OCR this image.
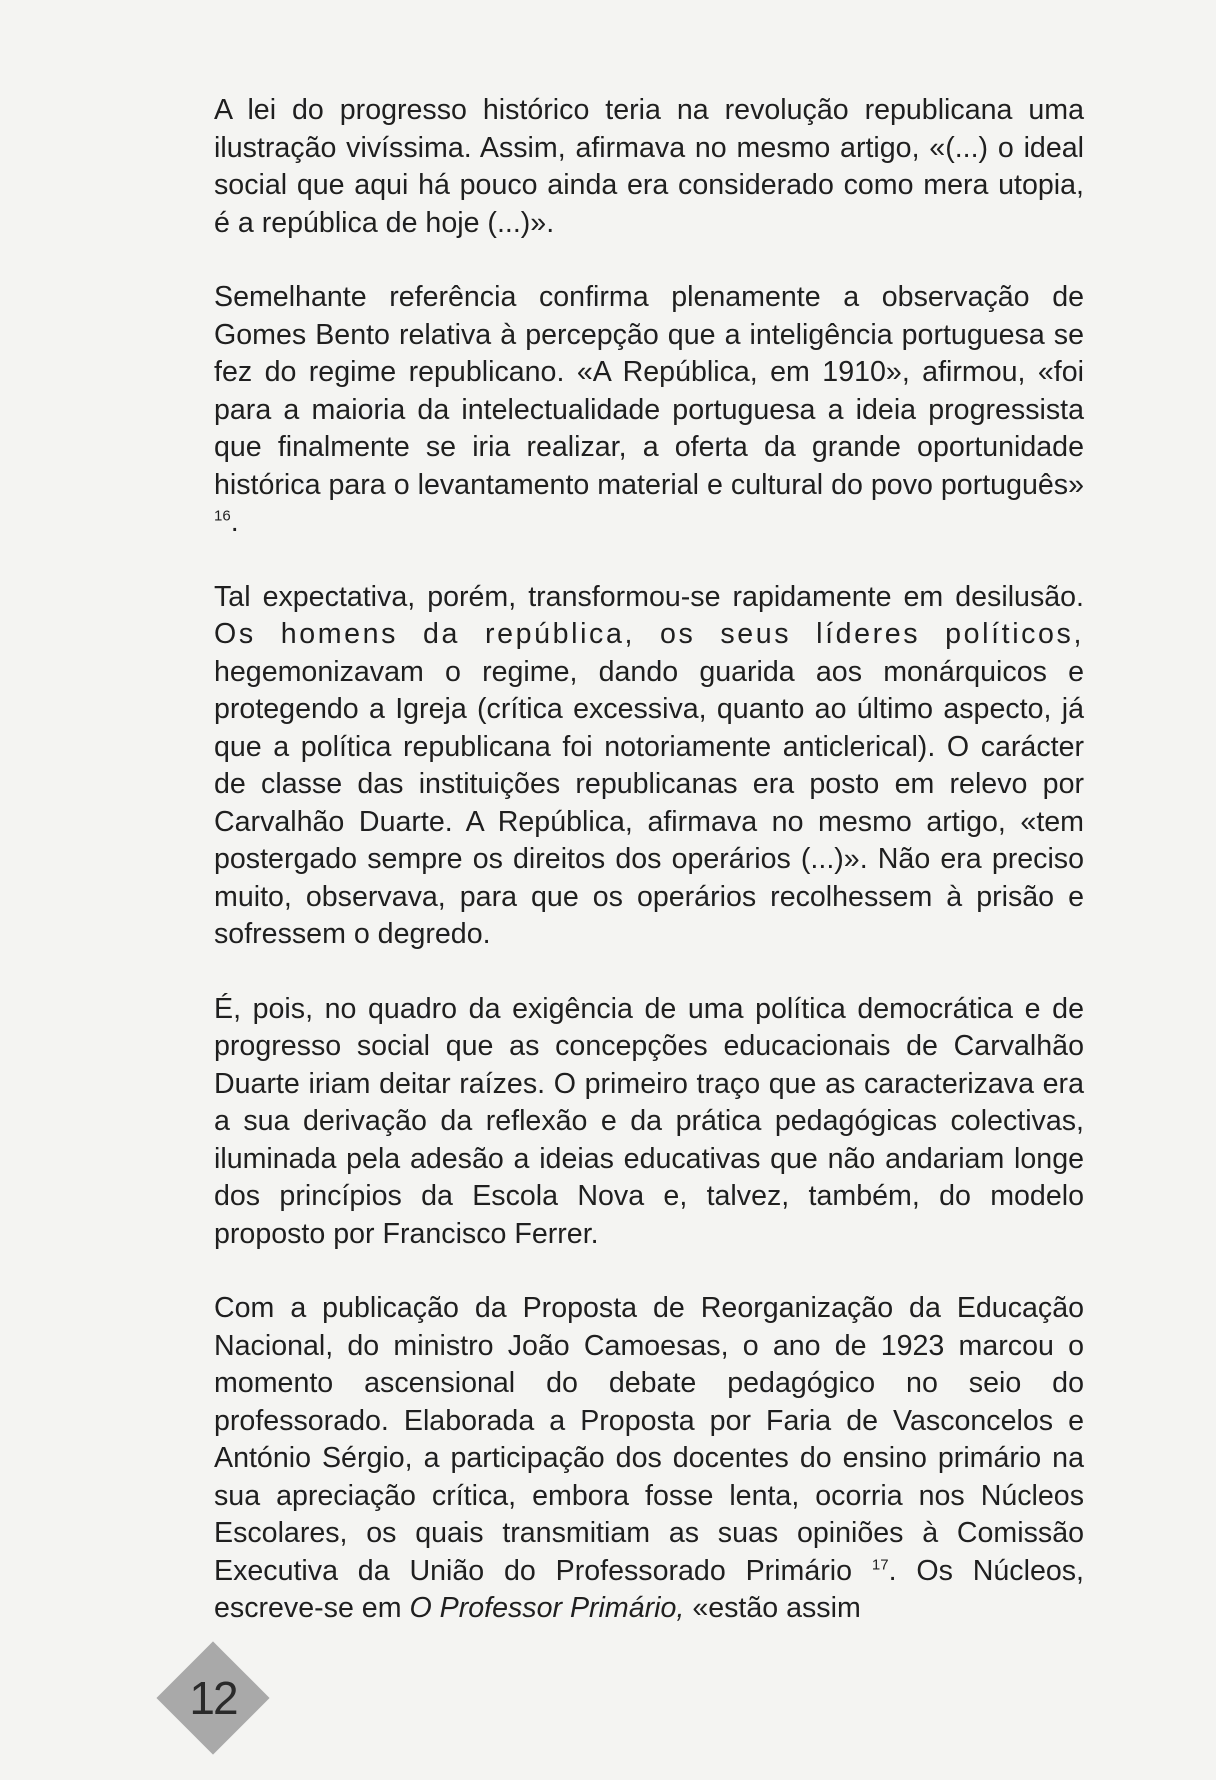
A lei do progresso histórico teria na revolução republicana uma ilustração vivíssima. Assim, afirmava no mesmo artigo, «(...) o ideal social que aqui há pouco ainda era considerado como mera utopia, é a república de hoje (...)».

Semelhante referência confirma plenamente a observação de Gomes Bento relativa à percepção que a inteligência portuguesa se fez do regime republicano. «A República, em 1910», afirmou, «foi para a maioria da intelectualidade portuguesa a ideia progressista que finalmente se iria realizar, a oferta da grande oportunidade histórica para o levantamento material e cultural do povo português» $^{16}$.

Tal expectativa, porém, transformou-se rapidamente em desilusão. Os homens da república, os seus líderes políticos, hegemonizavam o regime, dando guarida aos monárquicos e protegendo a Igreja (crítica excessiva, quanto ao último aspecto, já que a política republicana foi notoriamente anticlerical). O carácter de classe das instituições republicanas era posto em relevo por Carvalhão Duarte. A República, afirmava no mesmo artigo, «tem postergado sempre os direitos dos operários (...)». Não era preciso muito, observava, para que os operários recolhessem à prisão e sofressem o degredo.

É, pois, no quadro da exigência de uma política democrática e de progresso social que as concepções educacionais de Carvalhão Duarte iriam deitar raízes. O primeiro traço que as caracterizava era a sua derivação da reflexão e da prática pedagógicas colectivas, iluminada pela adesão a ideias educativas que não andariam longe dos princípios da Escola Nova e, talvez, também, do modelo proposto por Francisco Ferrer.

Com a publicação da Proposta de Reorganização da Educação Nacional, do ministro João Camoesas, o ano de 1923 marcou o momento ascensional do debate pedagógico no seio do professorado. Elaborada a Proposta por Faria de Vasconcelos e António Sérgio, a participação dos docentes do ensino primário na sua apreciação crítica, embora fosse lenta, ocorria nos Núcleos Escolares, os quais transmitiam as suas opiniões à Comissão Executiva da União do Professorado Primário $^{17}$. Os Núcleos, escreve-se em O Professor Primário, «estão assim

12
